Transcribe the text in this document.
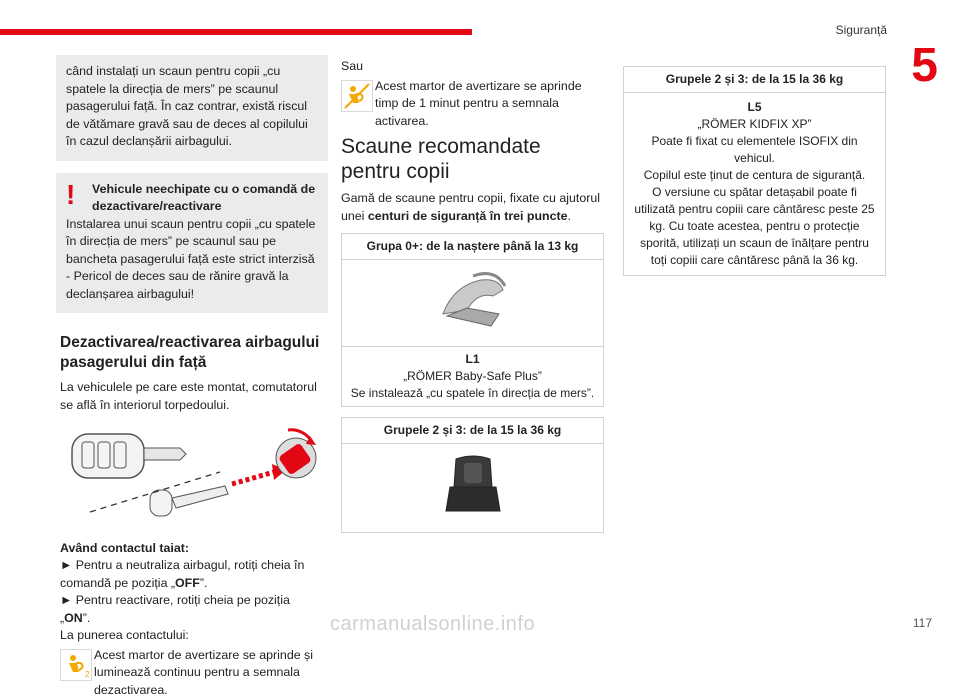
Siguranță
5
când instalați un scaun pentru copii „cu spatele la direcția de mers” pe scaunul pasagerului față. În caz contrar, există riscul de vătămare gravă sau de deces al copilului în cazul declanșării airbagului.
!	Vehicule neechipate cu o comandă de dezactivare/reactivare
Instalarea unui scaun pentru copii „cu spatele în direcția de mers” pe scaunul sau pe bancheta pasagerului față este strict interzisă - Pericol de deces sau de rănire gravă la declanșarea airbagului!
Dezactivarea/reactivarea airbagului pasagerului din față
La vehiculele pe care este montat, comutatorul se află în interiorul torpedoului.
Având contactul taiat:
► Pentru a neutraliza airbagul, rotiți cheia în comandă pe poziția „OFF”.
► Pentru reactivare, rotiți cheia pe poziția „ON”.
La punerea contactului:
2
Acest martor de avertizare se aprinde și luminează continuu pentru a semnala dezactivarea.
Sau
Acest martor de avertizare se aprinde timp de 1 minut pentru a semnala activarea.
Scaune recomandate pentru copii
Gamă de scaune pentru copii, fixate cu ajutorul unei centuri de siguranță în trei puncte.
Grupa 0+: de la naștere până la 13 kg

L1
„RÖMER Baby-Safe Plus”
Se instalează „cu spatele în direcția de mers”.
Grupele 2 și 3: de la 15 la 36 kg

Grupele 2 și 3: de la 15 la 36 kg

L5
„RÖMER KIDFIX XP”
Poate fi fixat cu elementele ISOFIX din vehicul.
Copilul este ținut de centura de siguranță.
O versiune cu spătar detașabil poate fi utilizată pentru copiii care cântăresc peste 25 kg. Cu toate acestea, pentru o protecție sporită, utilizați un scaun de înălțare pentru toți copiii care cântăresc până la 36 kg.
117
carmanualsonline.info
